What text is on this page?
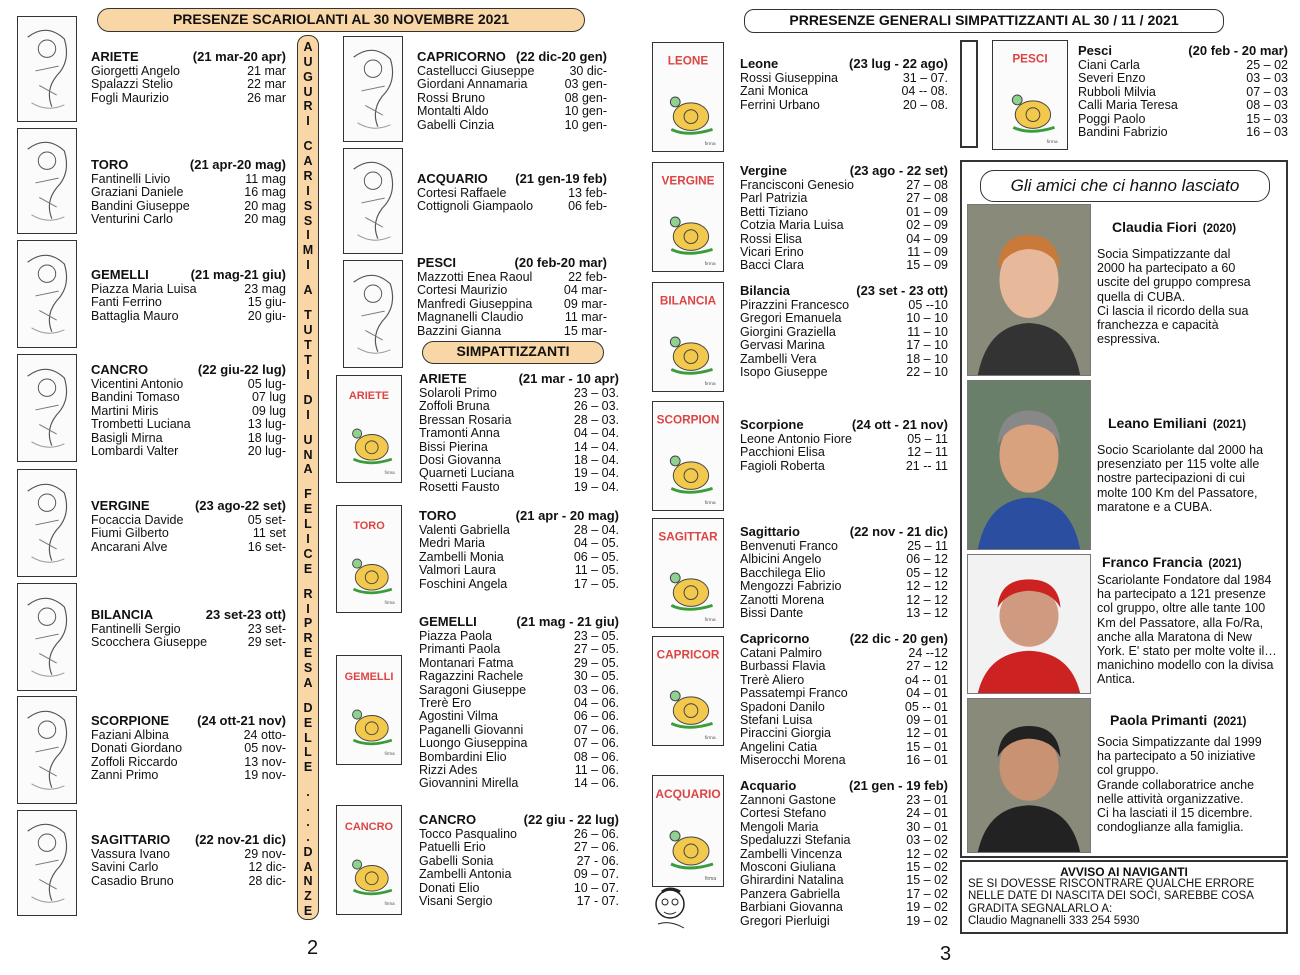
PRESENZE SCARIOLANTI AL 30 NOVEMBRE 2021
A
U
G
U
R
I
C
A
R
I
S
S
I
M
I
A
T
U
T
T
I
D
I
U
N
A
F
E
L
I
C
E
R
I
P
R
E
S
A
D
E
L
L
E
.
.
.
.
D
A
N
Z
E
SIMPATTIZZANTI
ARIETE
firma
TORO
firma
GEMELLI
firma
CANCRO
firma
ARIETE	(21 mar-20 apr)
Giorgetti Angelo	21 mar
Spalazzi Stelio	22 mar
Fogli Maurizio	26 mar
TORO	(21 apr-20 mag)
Fantinelli Livio	11 mag
Graziani Daniele	16 mag
Bandini Giuseppe	20 mag
Venturini Carlo	20 mag
GEMELLI	(21 mag-21 giu)
Piazza Maria Luisa	23 mag
Fanti Ferrino	15 giu-
Battaglia Mauro	20 giu-
CANCRO	(22 giu-22 lug)
Vicentini Antonio	05 lug-
Bandini Tomaso	07 lug
Martini Miris	09 lug
Trombetti Luciana	13 lug-
Basigli Mirna	18 lug-
Lombardi Valter	20 lug-
VERGINE	(23 ago-22 set)
Focaccia Davide	05 set-
Fiumi Gilberto	11 set
Ancarani Alve	16 set-
BILANCIA	23 set-23 ott)
Fantinelli Sergio	23 set-
Scocchera Giuseppe	29 set-
SCORPIONE	(24 ott-21 nov)
Faziani Albina	24 otto-
Donati Giordano	05 nov-
Zoffoli Riccardo	13 nov-
Zanni Primo	19 nov-
SAGITTARIO	(22 nov-21 dic)
Vassura Ivano	29 nov-
Savini Carlo	12 dic-
Casadio Bruno	28 dic-
CAPRICORNO (22 dic-20 gen)
Castellucci Giuseppe	30 dic-
Giordani Annamaria	03 gen-
Rossi Bruno	08 gen-
Montalti Aldo	10 gen-
Gabelli Cinzia	10 gen-
ACQUARIO	(21 gen-19 feb)
Cortesi Raffaele	13 feb-
Cottignoli Giampaolo	06 feb-
PESCI	(20 feb-20 mar)
Mazzotti Enea Raoul	22 feb-
Cortesi Maurizio	04 mar-
Manfredi Giuseppina	09 mar-
Magnanelli Claudio	11 mar-
Bazzini Gianna	15 mar-
ARIETE	(21 mar - 10 apr)
Solaroli Primo	23 – 03.
Zoffoli Bruna	26 – 03.
Bressan Rosaria	28 – 03.
Tramonti Anna	04 – 04.
Bissi Pierina	14 – 04.
Dosi Giovanna	18 – 04.
Quarneti Luciana	19 – 04.
Rosetti Fausto	19 – 04.
TORO	(21 apr - 20 mag)
Valenti Gabriella	28 – 04.
Medri Maria	04 – 05.
Zambelli Monia	06 – 05.
Valmori Laura	11 – 05.
Foschini Angela	17 – 05.
GEMELLI	(21 mag - 21 giu)
Piazza Paola	23 – 05.
Primanti Paola	27 – 05.
Montanari Fatma	29 – 05.
Ragazzini Rachele	30 – 05.
Saragoni Giuseppe	03 – 06.
Trerè Ero	04 – 06.
Agostini Vilma	06 – 06.
Paganelli Giovanni	07 – 06.
Luongo Giuseppina	07 – 06.
Bombardini Elio	08 – 06.
Rizzi Ades	11 – 06.
Giovannini Mirella	14 – 06.
CANCRO	(22 giu - 22 lug)
Tocco Pasqualino	26 – 06.
Patuelli Erio	27 – 06.
Gabelli Sonia	27 - 06.
Zambelli Antonia	09 – 07.
Donati Elio	10 – 07.
Visani Sergio	17 - 07.
2
PRRESENZE GENERALI SIMPATTIZZANTI AL 30 / 11 / 2021
LEONE
firma
VERGINE
firma
BILANCIA
firma
SCORPION
firma
SAGITTAR
firma
CAPRICOR
firma
ACQUARIO
firma
PESCI
firma
Leone	(23 lug - 22 ago)
Rossi Giuseppina	31 – 07.
Zani Monica	04 -- 08.
Ferrini Urbano	20 – 08.
Vergine	(23 ago - 22 set)
Francisconi Genesio	27 – 08
Parl Patrizia	27 – 08
Betti Tiziano	01 – 09
Cotzia Maria Luisa	02 – 09
Rossi Elisa	04 – 09
Vicari Erino	11 – 09
Bacci Clara	15 – 09
Bilancia	(23 set - 23 ott)
Pirazzini Francesco	05 --10
Gregori Emanuela	10 – 10
Giorgini Graziella	11 – 10
Gervasi Marina	17 – 10
Zambelli Vera	18 – 10
Isopo Giuseppe	22 – 10
Scorpione	(24 ott - 21 nov)
Leone Antonio Fiore	05 – 11
Pacchioni Elisa	12 – 11
Fagioli Roberta	21 -- 11
Sagittario	(22 nov - 21 dic)
Benvenuti Franco	25 – 11
Albicini Angelo	06 – 12
Bacchilega Elio	05 – 12
Mengozzi Fabrizio	12 – 12
Zanotti Morena	12 – 12
Bissi Dante	13 – 12
Capricorno	(22 dic - 20 gen)
Catani Palmiro	24 --12
Burbassi Flavia	27 – 12
Trerè Aliero	o4 -- 01
Passatempi Franco	04 – 01
Spadoni Danilo	05 -- 01
Stefani Luisa	09 – 01
Piraccini Giorgia	12 – 01
Angelini Catia	15 – 01
Miserocchi Morena	16 – 01
Acquario	(21 gen - 19 feb)
Zannoni Gastone	23 – 01
Cortesi Stefano	24 – 01
Mengoli Maria	30 – 01
Spedaluzzi Stefania	03 – 02
Zambelli Vincenza	12 – 02
Mosconi Giuliana	15 – 02
Ghirardini Natalina	15 – 02
Panzera Gabriella	17 – 02
Barbiani Giovanna	19 – 02
Gregori Pierluigi	19 – 02
Pesci	(20 feb - 20 mar)
Ciani Carla	25 – 02
Severi Enzo	03 – 03
Rubboli Milvia	07 – 03
Calli Maria Teresa	08 – 03
Poggi Paolo	15 – 03
Bandini Fabrizio	16 – 03
Gli amici che ci hanno lasciato
Claudia Fiori (2020)
Socia Simpatizzante dal
2000 ha partecipato a 60
uscite del gruppo compresa
quella di CUBA.
Ci lascia il ricordo della sua
franchezza e capacità
espressiva.
Leano Emiliani (2021)
Socio Scariolante dal 2000 ha
presenziato per 115 volte alle
nostre partecipazioni di cui
molte 100 Km del Passatore,
maratone e a CUBA.
Franco Francia (2021)
Scariolante Fondatore dal 1984
ha partecipato a 121 presenze
col gruppo, oltre alle tante 100
Km del Passatore, alla Fo/Ra,
anche alla Maratona di New
York. E' stato per molte volte il…
manichino modello con la divisa
Antica.
Paola Primanti (2021)
Socia Simpatizzante dal 1999
ha partecipato a 50 iniziative
col gruppo.
Grande collaboratrice anche
nelle attività organizzative.
Ci ha lasciati il 15 dicembre.
condoglianze alla famiglia.
AVVISO AI NAVIGANTI
SE SI DOVESSE RISCONTRARE QUALCHE ERRORE
NELLE DATE DI NASCITA DEI SOCI, SAREBBE COSA
GRADITA SEGNALARLO A:
Claudio Magnanelli 333 254 5930
3
